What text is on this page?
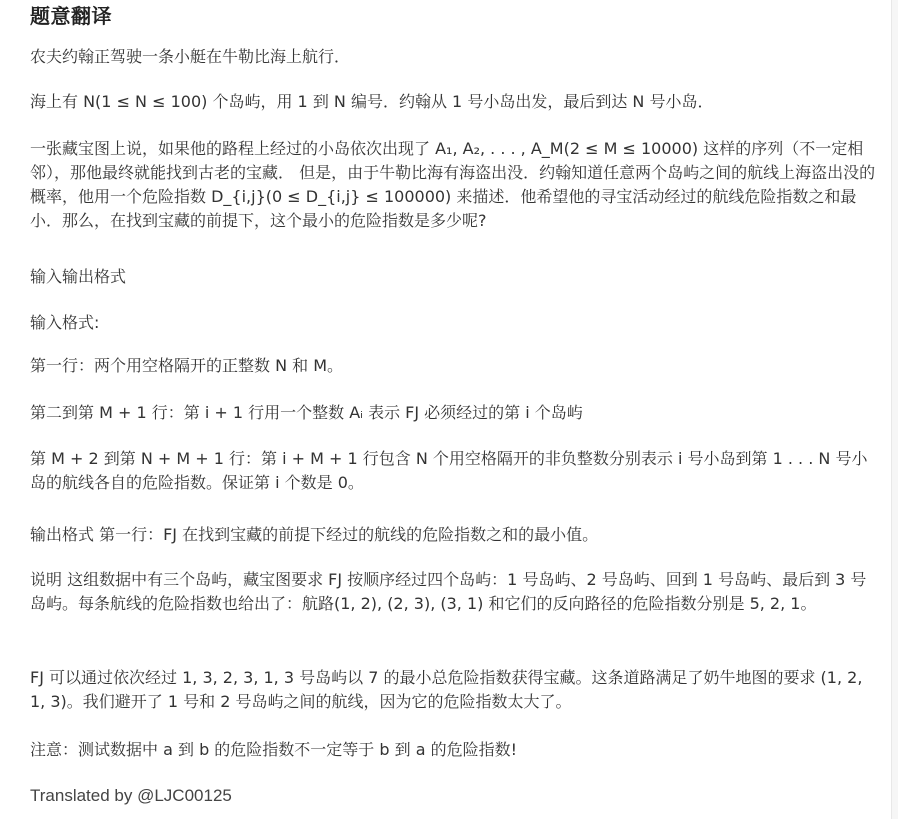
题意翻译

农夫约翰正驾驶一条小艇在牛勒比海上航行．

海上有 N(1 ≤ N ≤ 100) 个岛屿，用 1 到 N 编号．约翰从 1 号小岛出发，最后到达 N 号小岛．

一张藏宝图上说，如果他的路程上经过的小岛依次出现了 A₁, A₂, . . . , A_M(2 ≤ M ≤ 10000) 这样的序列（不一定相邻），那他最终就能找到古老的宝藏． 但是，由于牛勒比海有海盗出没．约翰知道任意两个岛屿之间的航线上海盗出没的概率，他用一个危险指数 D_{i,j}(0 ≤ D_{i,j} ≤ 100000) 来描述．他希望他的寻宝活动经过的航线危险指数之和最小．那么，在找到宝藏的前提下，这个最小的危险指数是多少呢?

输入输出格式

输入格式:

第一行：两个用空格隔开的正整数 N 和 M。

第二到第 M + 1 行：第 i + 1 行用一个整数 Aᵢ 表示 FJ 必须经过的第 i 个岛屿

第 M + 2 到第 N + M + 1 行：第 i + M + 1 行包含 N 个用空格隔开的非负整数分别表示 i 号小岛到第 1 . . . N 号小岛的航线各自的危险指数。保证第 i 个数是 0。

输出格式 第一行：FJ 在找到宝藏的前提下经过的航线的危险指数之和的最小值。

说明 这组数据中有三个岛屿，藏宝图要求 FJ 按顺序经过四个岛屿：1 号岛屿、2 号岛屿、回到 1 号岛屿、最后到 3 号岛屿。每条航线的危险指数也给出了：航路(1, 2), (2, 3), (3, 1) 和它们的反向路径的危险指数分别是 5, 2, 1。

FJ 可以通过依次经过 1, 3, 2, 3, 1, 3 号岛屿以 7 的最小总危险指数获得宝藏。这条道路满足了奶牛地图的要求 (1, 2, 1, 3)。我们避开了 1 号和 2 号岛屿之间的航线，因为它的危险指数太大了。

注意：测试数据中 a 到 b 的危险指数不一定等于 b 到 a 的危险指数!

Translated by @LJC00125
